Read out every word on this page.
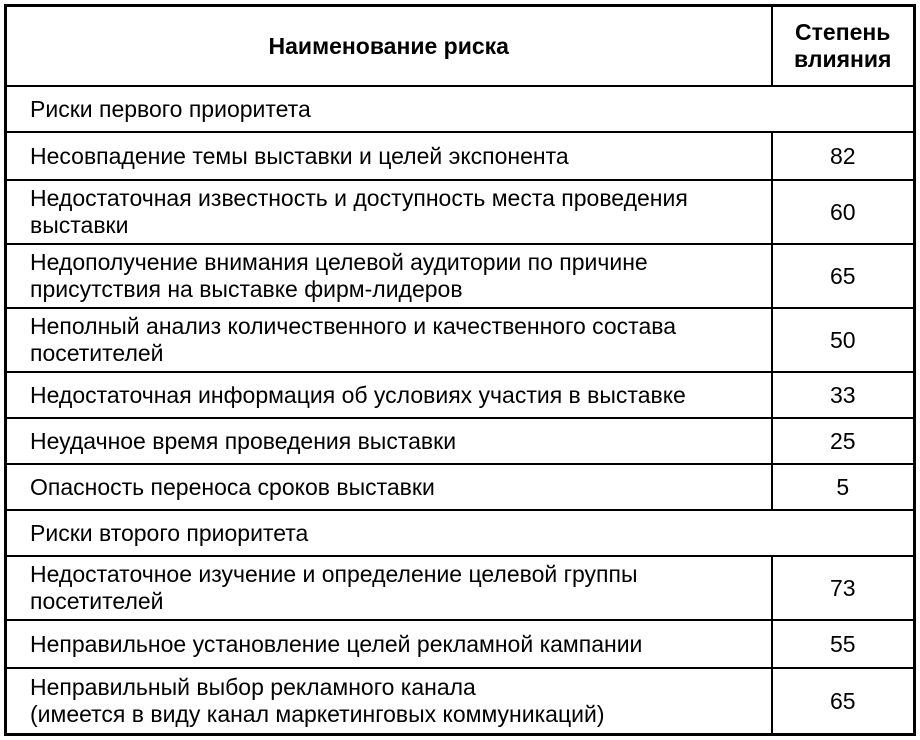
Наименование риска	Степень влияния
Риски первого приоритета	
Несовпадение темы выставки и целей экспонента	82
Недостаточная известность и доступность места проведения выставки	60
Недополучение внимания целевой аудитории по причине присутствия на выставке фирм-лидеров	65
Неполный анализ количественного и качественного состава посетителей	50
Недостаточная информация об условиях участия в выставке	33
Неудачное время проведения выставки	25
Опасность переноса сроков выставки	5
Риски второго приоритета	
Недостаточное изучение и определение целевой группы посетителей	73
Неправильное установление целей рекламной кампании	55
Неправильный выбор рекламного канала
(имеется в виду канал маркетинговых коммуникаций)	65
